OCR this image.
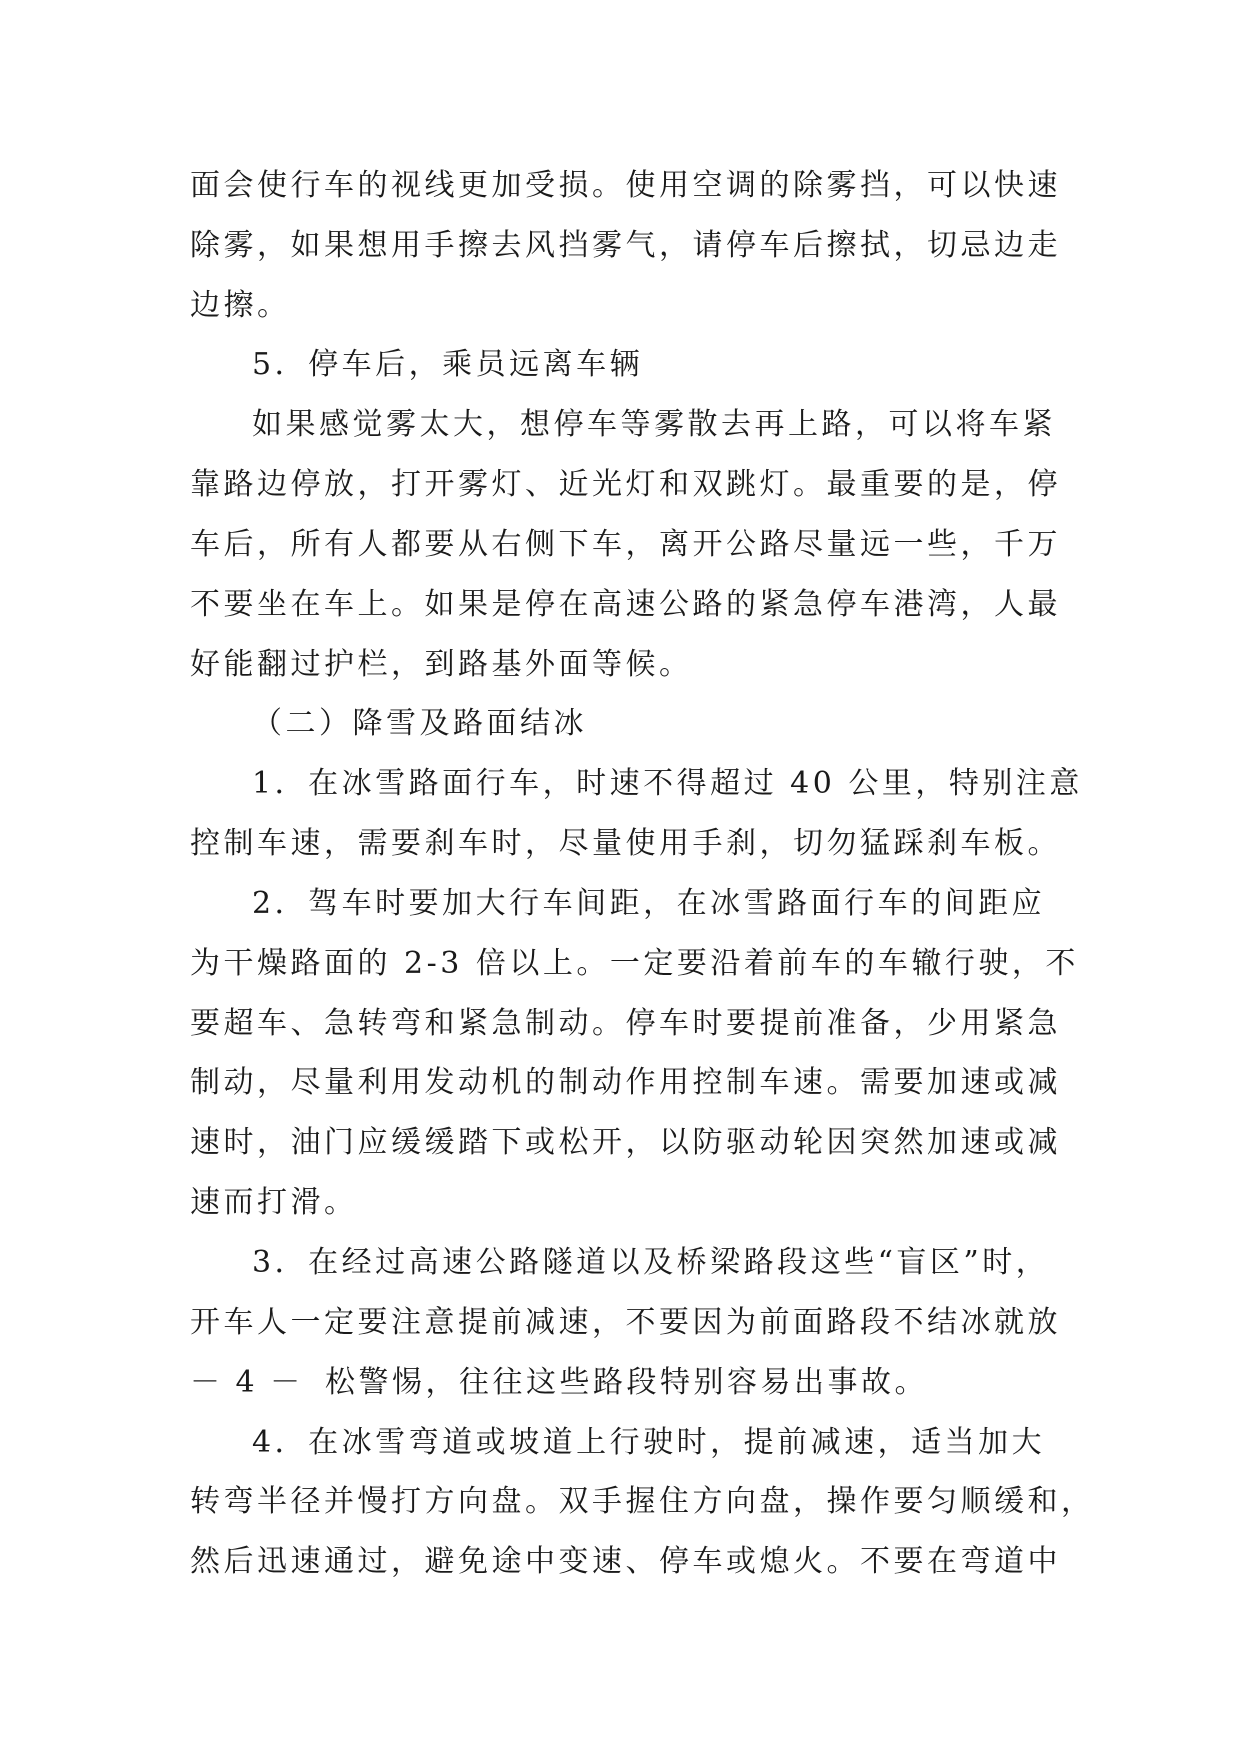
面会使行车的视线更加受损。使用空调的除雾挡，可以快速
除雾，如果想用手擦去风挡雾气，请停车后擦拭，切忌边走
边擦。
5．停车后，乘员远离车辆
如果感觉雾太大，想停车等雾散去再上路，可以将车紧
靠路边停放，打开雾灯、近光灯和双跳灯。最重要的是，停
车后，所有人都要从右侧下车，离开公路尽量远一些，千万
不要坐在车上。如果是停在高速公路的紧急停车港湾，人最
好能翻过护栏，到路基外面等候。
（二）降雪及路面结冰
1．在冰雪路面行车，时速不得超过 40 公里，特别注意
控制车速，需要刹车时，尽量使用手刹，切勿猛踩刹车板。
2．驾车时要加大行车间距，在冰雪路面行车的间距应
为干燥路面的 2-3 倍以上。一定要沿着前车的车辙行驶，不
要超车、急转弯和紧急制动。停车时要提前准备，少用紧急
制动，尽量利用发动机的制动作用控制车速。需要加速或减
速时，油门应缓缓踏下或松开，以防驱动轮因突然加速或减
速而打滑。
3．在经过高速公路隧道以及桥梁路段这些“盲区”时，
开车人一定要注意提前减速，不要因为前面路段不结冰就放
－ 4 － 松警惕，往往这些路段特别容易出事故。
4．在冰雪弯道或坡道上行驶时，提前减速，适当加大
转弯半径并慢打方向盘。双手握住方向盘，操作要匀顺缓和，
然后迅速通过，避免途中变速、停车或熄火。不要在弯道中
